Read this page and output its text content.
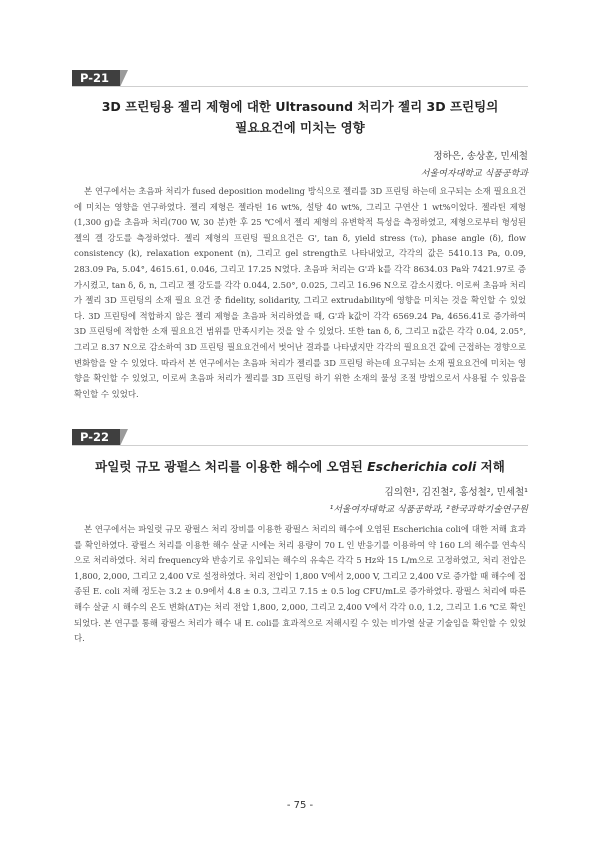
P-21
3D 프린팅용 젤리 제형에 대한 Ultrasound 처리가 젤리 3D 프린팅의
필요요건에 미치는 영향
정하은, 송상훈, 민세철
서울여자대학교 식품공학과

본 연구에서는 초음파 처리가 fused deposition modeling 방식으로 젤리를 3D 프린팅 하는데 요구되는 소재 필요요건에 미치는 영향을 연구하였다. 젤리 제형은 젤라틴 16 wt%, 설탕 40 wt%, 그리고 구연산 1 wt%이었다. 젤라틴 제형(1,300 g)을 초음파 처리(700 W, 30 분)한 후 25 ℃에서 젤리 제형의 유변학적 특성을 측정하였고, 제형으로부터 형성된 젤의 겔 강도를 측정하였다. 젤리 제형의 프린팅 필요요건은 G', tan δ, yield stress (τ₀), phase angle (δ), flow consistency (k), relaxation exponent (n), 그리고 gel strength로 나타내었고, 각각의 값은 5410.13 Pa, 0.09, 283.09 Pa, 5.04°, 4615.61, 0.046, 그리고 17.25 N였다. 초음파 처리는 G'과 k를 각각 8634.03 Pa와 7421.97로 증가시켰고, tan δ, δ, n, 그리고 젤 강도를 각각 0.044, 2.50°, 0.025, 그리고 16.96 N으로 감소시켰다. 이로써 초음파 처리가 젤리 3D 프린팅의 소재 필요 요건 중 fidelity, solidarity, 그리고 extrudability에 영향을 미치는 것을 확인할 수 있었다. 3D 프린팅에 적합하지 않은 젤리 제형을 초음파 처리하였을 때, G'과 k값이 각각 6569.24 Pa, 4656.41로 증가하여 3D 프린팅에 적합한 소재 필요요건 범위를 만족시키는 것을 알 수 있었다. 또한 tan δ, δ, 그리고 n값은 각각 0.04, 2.05°, 그리고 8.37 N으로 감소하여 3D 프린팅 필요요건에서 벗어난 결과를 나타냈지만 각각의 필요요건 값에 근접하는 경향으로 변화함을 알 수 있었다. 따라서 본 연구에서는 초음파 처리가 젤리를 3D 프린팅 하는데 요구되는 소재 필요요건에 미치는 영향을 확인할 수 있었고, 이로써 초음파 처리가 젤리를 3D 프린팅 하기 위한 소재의 물성 조절 방법으로서 사용될 수 있음을 확인할 수 있었다.

P-22
파일럿 규모 광펄스 처리를 이용한 해수에 오염된 Escherichia coli 저해
김의현¹, 김진철², 홍성철², 민세철¹
¹서울여자대학교 식품공학과, ²한국과학기술연구원

본 연구에서는 파일럿 규모 광펄스 처리 장비를 이용한 광펄스 처리의 해수에 오염된 Escherichia coli에 대한 저해 효과를 확인하였다. 광펄스 처리를 이용한 해수 살균 시에는 처리 용량이 70 L 인 반응기를 이용하여 약 160 L의 해수를 연속식으로 처리하였다. 처리 frequency와 반송기로 유입되는 해수의 유속은 각각 5 Hz와 15 L/m으로 고정하였고, 처리 전압은 1,800, 2,000, 그리고 2,400 V로 설정하였다. 처리 전압이 1,800 V에서 2,000 V, 그리고 2,400 V로 증가할 때 해수에 접종된 E. coli 저해 정도는 3.2 ± 0.9에서 4.8 ± 0.3, 그리고 7.15 ± 0.5 log CFU/mL로 증가하였다. 광펄스 처리에 따른 해수 살균 시 해수의 온도 변화(ΔT)는 처리 전압 1,800, 2,000, 그리고 2,400 V에서 각각 0.0, 1.2, 그리고 1.6 ℃로 확인되었다. 본 연구를 통해 광펄스 처리가 해수 내 E. coli를 효과적으로 저해시킬 수 있는 비가열 살균 기술임을 확인할 수 있었다.

- 75 -
